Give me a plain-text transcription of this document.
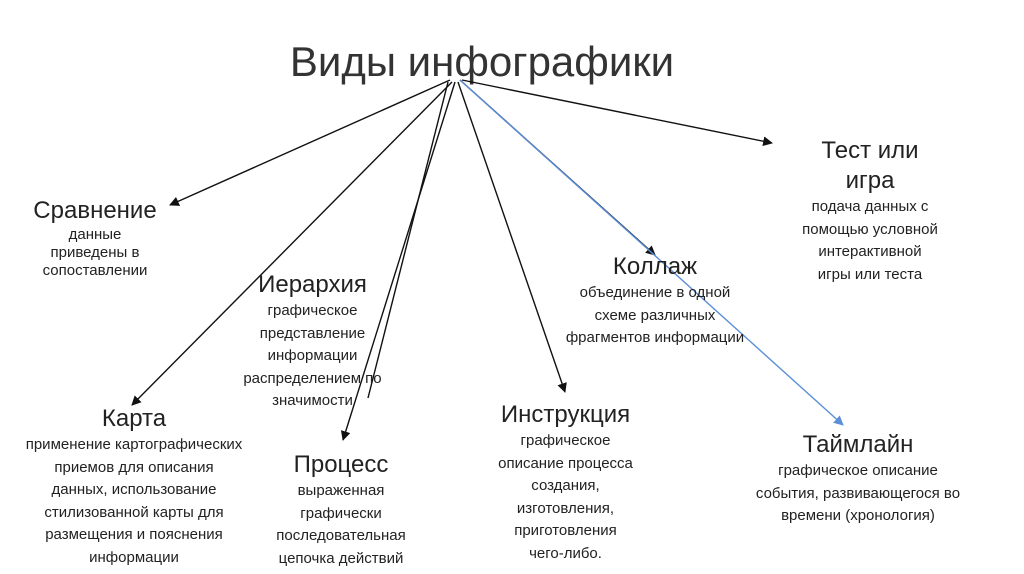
Виды инфографики
Сравнение
данные
приведены в
сопоставлении
Иерархия
графическое
представление
информации
распределением по
значимости
Карта
применение картографических
приемов для описания
данных, использование
стилизованной карты для
размещения и пояснения
информации
Процесс
выраженная
графически
последовательная
цепочка действий
Инструкция
графическое
описание процесса
создания,
изготовления,
приготовления
чего-либо.
Коллаж
объединение в одной
схеме различных
фрагментов информации
Тест или
игра
подача данных с
помощью условной
интерактивной
игры или теста
Таймлайн
графическое описание
события, развивающегося во
времени (хронология)
